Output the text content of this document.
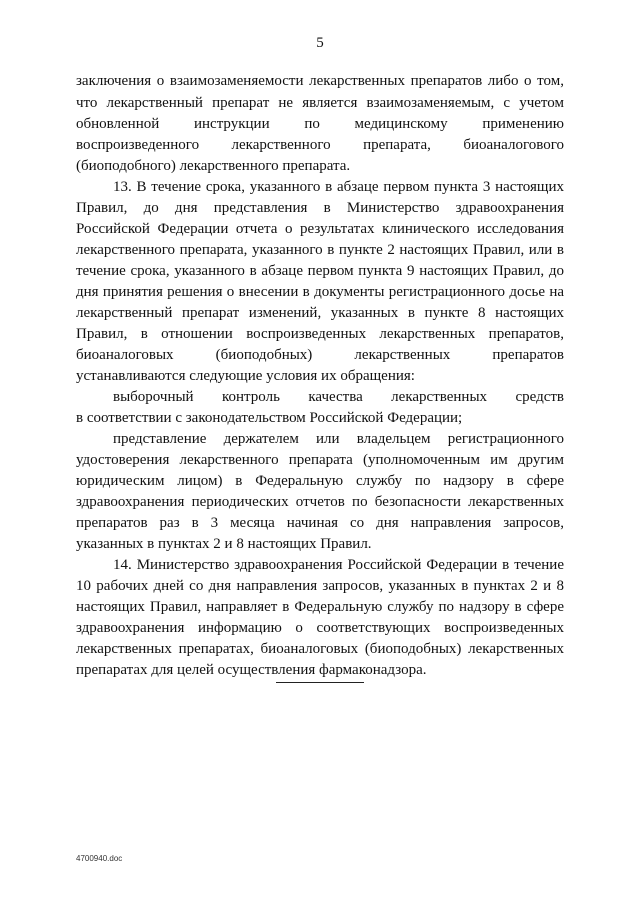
5
заключения о взаимозаменяемости лекарственных препаратов либо о том,
что лекарственный препарат не является взаимозаменяемым, с учетом
обновленной инструкции по медицинскому применению
воспроизведенного лекарственного препарата, биоаналогового
(биоподобного) лекарственного препарата.
13. В течение срока, указанного в абзаце первом пункта 3 настоящих
Правил, до дня представления в Министерство здравоохранения
Российской Федерации отчета о результатах клинического исследования
лекарственного препарата, указанного в пункте 2 настоящих Правил, или в
течение срока, указанного в абзаце первом пункта 9 настоящих Правил, до
дня принятия решения о внесении в документы регистрационного досье на
лекарственный препарат изменений, указанных в пункте 8 настоящих
Правил, в отношении воспроизведенных лекарственных препаратов,
биоаналоговых (биоподобных) лекарственных препаратов
устанавливаются следующие условия их обращения:
выборочный контроль качества лекарственных средств
в соответствии с законодательством Российской Федерации;
представление держателем или владельцем регистрационного
удостоверения лекарственного препарата (уполномоченным им другим
юридическим лицом) в Федеральную службу по надзору в сфере
здравоохранения периодических отчетов по безопасности лекарственных
препаратов раз в 3 месяца начиная со дня направления запросов,
указанных в пунктах 2 и 8 настоящих Правил.
14. Министерство здравоохранения Российской Федерации в течение
10 рабочих дней со дня направления запросов, указанных в пунктах 2 и 8
настоящих Правил, направляет в Федеральную службу по надзору в сфере
здравоохранения информацию о соответствующих воспроизведенных
лекарственных препаратах, биоаналоговых (биоподобных) лекарственных
препаратах для целей осуществления фармаконадзора.
4700940.doc
